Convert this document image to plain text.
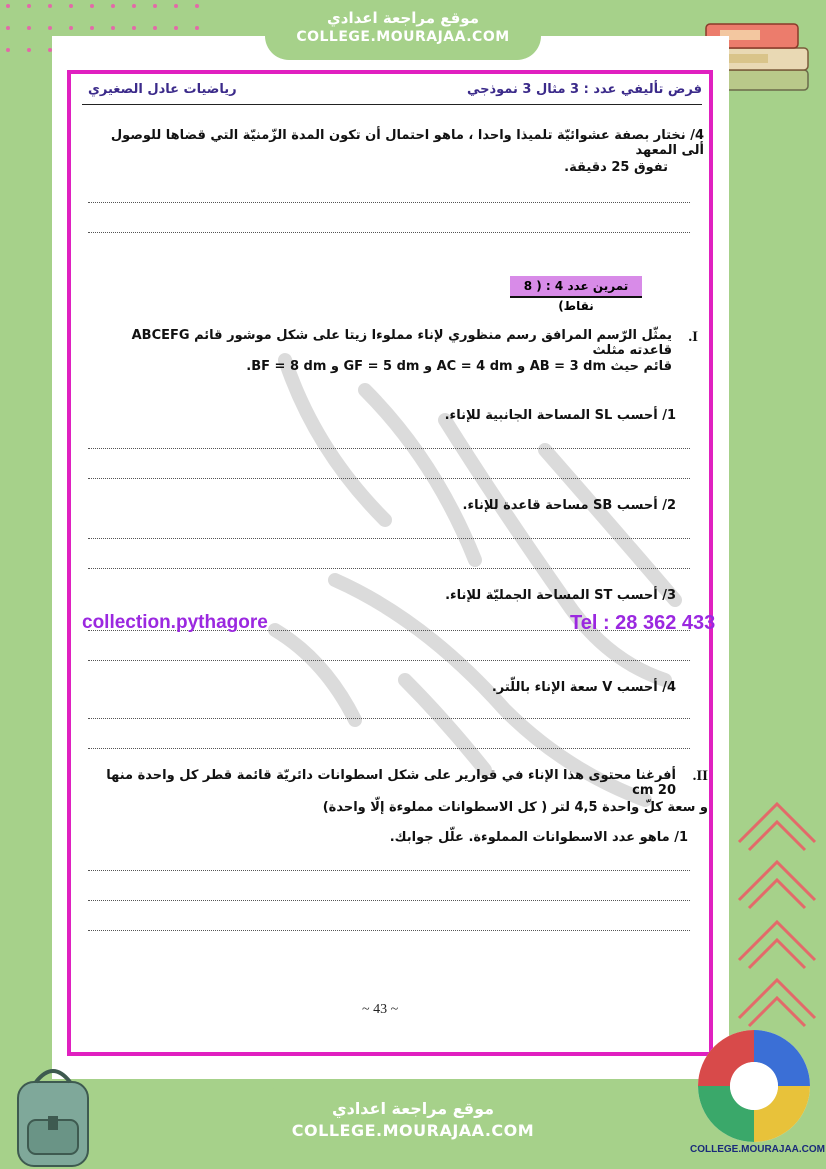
موقع مراجعة اعدادي
COLLEGE.MOURAJAA.COM
فرض تأليفي عدد : 3 مثال 3 نموذجي
رياضيات عادل الصغيري
4/ نختار بصفة عشوائيّة تلميذا واحدا ، ماهو احتمال أن تكون المدة الزّمنيّة التي قضاها للوصول ألى المعهد
تفوق 25 دقيقة.
تمرين عدد 4 : ( 8 نقاط)
I.
يمثّل الرّسم المرافق رسم منظوري لإناء مملوءا زيتا على شكل موشور قائم ABCEFG قاعدته مثلث
قائم حيث AB = 3 dm و AC = 4 dm و GF = 5 dm و BF = 8 dm.
1/ أحسب SL المساحة الجانبية للإناء.
2/ أحسب SB مساحة قاعدة للإناء.
3/ أحسب ST المساحة الجمليّة للإناء.
collection.pythagore	Tel : 28 362 433
4/ أحسب V سعة الإناء باللّتر.
II.
أفرغنا محتوى هذا الإناء في قوارير على شكل اسطوانات دائريّة قائمة قطر كل واحدة منها 20 cm
و سعة كلّ واحدة 4,5 لتر ( كل الاسطوانات مملوءة إلّا واحدة)
1/ ماهو عدد الاسطوانات المملوءة. علّل جوابك.
~ 43 ~
COLLEGE.MOURAJAA.COM
موقع مراجعة اعدادي
COLLEGE.MOURAJAA.COM
